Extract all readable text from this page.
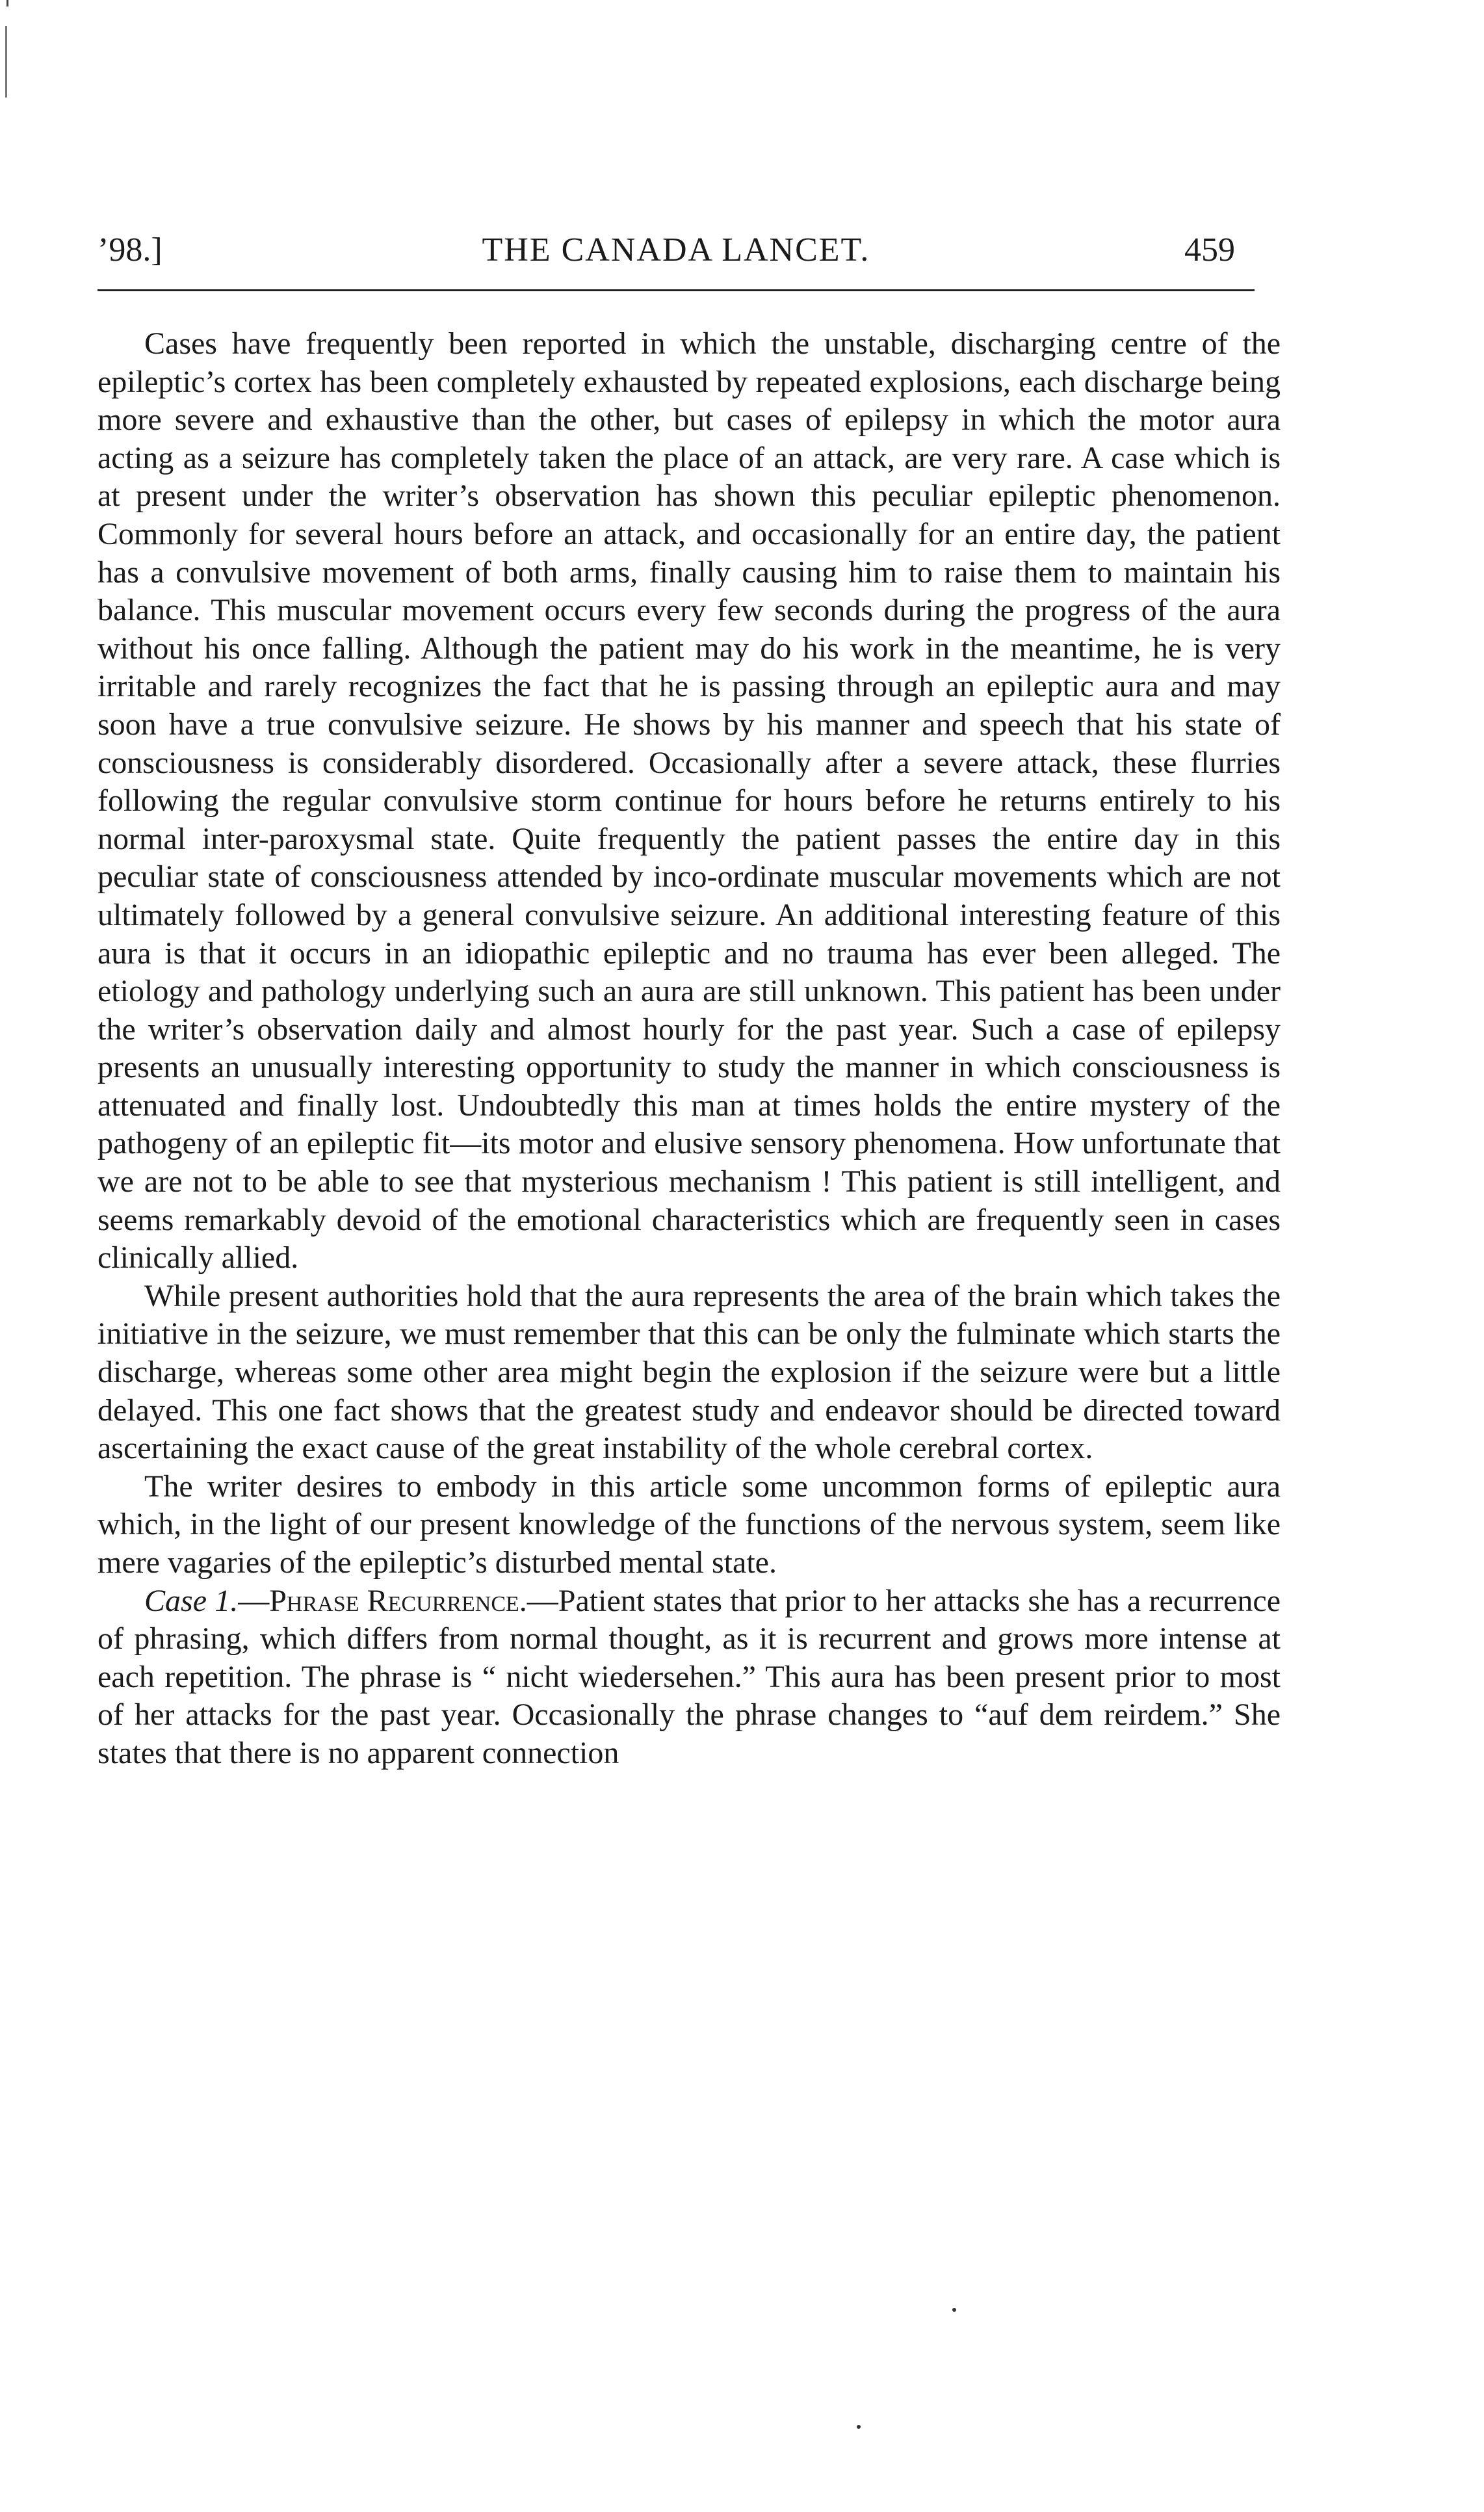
’98.]	THE CANADA LANCET.	459

Cases have frequently been reported in which the unstable, discharging centre of the epileptic’s cortex has been completely exhausted by repeated explosions, each discharge being more severe and exhaustive than the other, but cases of epilepsy in which the motor aura acting as a seizure has completely taken the place of an attack, are very rare. A case which is at present under the writer’s observation has shown this peculiar epileptic phenomenon. Commonly for several hours before an attack, and occasionally for an entire day, the patient has a convulsive movement of both arms, finally causing him to raise them to maintain his balance. This muscular movement occurs every few seconds during the progress of the aura without his once falling. Although the patient may do his work in the meantime, he is very irritable and rarely recognizes the fact that he is passing through an epileptic aura and may soon have a true convulsive seizure. He shows by his manner and speech that his state of consciousness is considerably disordered. Occasionally after a severe attack, these flurries following the regular convulsive storm continue for hours before he returns entirely to his normal inter-paroxysmal state. Quite frequently the patient passes the entire day in this peculiar state of consciousness attended by inco-ordinate muscular movements which are not ultimately followed by a general convulsive seizure. An additional interesting feature of this aura is that it occurs in an idiopathic epileptic and no trauma has ever been alleged. The etiology and pathology underlying such an aura are still unknown. This patient has been under the writer’s observation daily and almost hourly for the past year. Such a case of epilepsy presents an unusually interesting opportunity to study the manner in which consciousness is attenuated and finally lost. Undoubtedly this man at times holds the entire mystery of the pathogeny of an epileptic fit—its motor and elusive sensory phenomena. How unfortunate that we are not to be able to see that mysterious mechanism ! This patient is still intelligent, and seems remarkably devoid of the emotional characteristics which are frequently seen in cases clinically allied.

While present authorities hold that the aura represents the area of the brain which takes the initiative in the seizure, we must remember that this can be only the fulminate which starts the discharge, whereas some other area might begin the explosion if the seizure were but a little delayed. This one fact shows that the greatest study and endeavor should be directed toward ascertaining the exact cause of the great instability of the whole cerebral cortex.

The writer desires to embody in this article some uncommon forms of epileptic aura which, in the light of our present knowledge of the functions of the nervous system, seem like mere vagaries of the epileptic’s disturbed mental state.

Case 1.—Phrase Recurrence.—Patient states that prior to her attacks she has a recurrence of phrasing, which differs from normal thought, as it is recurrent and grows more intense at each repetition. The phrase is “ nicht wiedersehen.” This aura has been present prior to most of her attacks for the past year. Occasionally the phrase changes to “auf dem reirdem.” She states that there is no apparent connection
